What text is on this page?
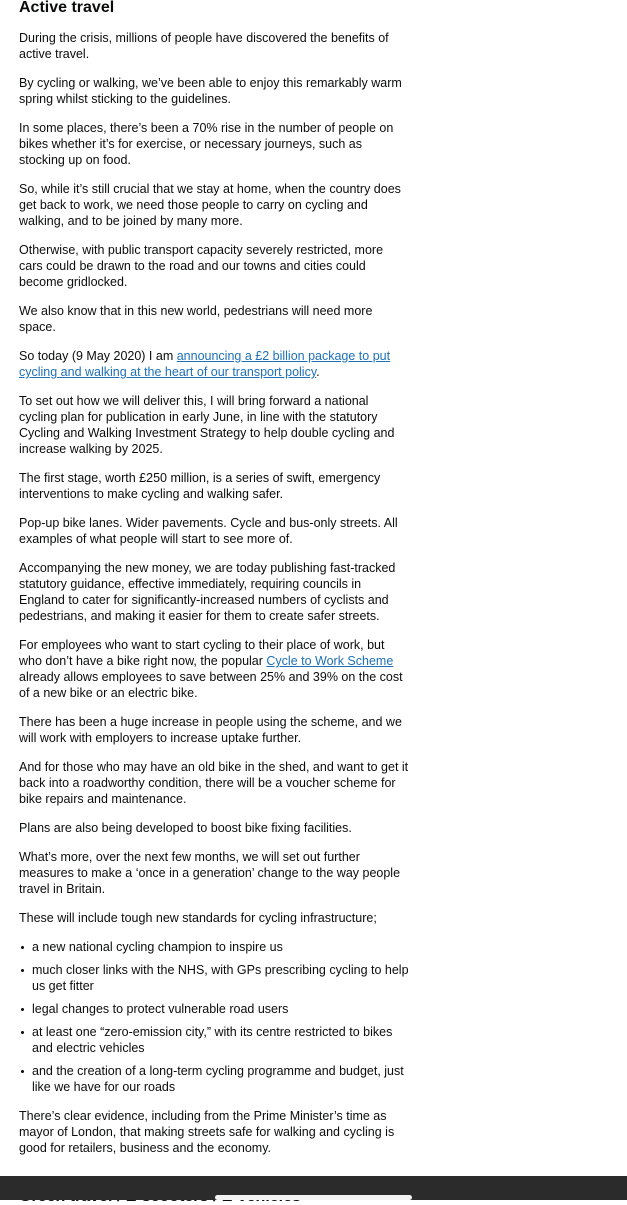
Active travel

During the crisis, millions of people have discovered the benefits of active travel.

By cycling or walking, we’ve been able to enjoy this remarkably warm spring whilst sticking to the guidelines.

In some places, there’s been a 70% rise in the number of people on bikes whether it’s for exercise, or necessary journeys, such as stocking up on food.

So, while it’s still crucial that we stay at home, when the country does get back to work, we need those people to carry on cycling and walking, and to be joined by many more.

Otherwise, with public transport capacity severely restricted, more cars could be drawn to the road and our towns and cities could become gridlocked.

We also know that in this new world, pedestrians will need more space.

So today (9 May 2020) I am announcing a £2 billion package to put cycling and walking at the heart of our transport policy.

To set out how we will deliver this, I will bring forward a national cycling plan for publication in early June, in line with the statutory Cycling and Walking Investment Strategy to help double cycling and increase walking by 2025.

The first stage, worth £250 million, is a series of swift, emergency interventions to make cycling and walking safer.

Pop-up bike lanes. Wider pavements. Cycle and bus-only streets. All examples of what people will start to see more of.

Accompanying the new money, we are today publishing fast-tracked statutory guidance, effective immediately, requiring councils in England to cater for significantly-increased numbers of cyclists and pedestrians, and making it easier for them to create safer streets.

For employees who want to start cycling to their place of work, but who don’t have a bike right now, the popular Cycle to Work Scheme already allows employees to save between 25% and 39% on the cost of a new bike or an electric bike.

There has been a huge increase in people using the scheme, and we will work with employers to increase uptake further.

And for those who may have an old bike in the shed, and want to get it back into a roadworthy condition, there will be a voucher scheme for bike repairs and maintenance.

Plans are also being developed to boost bike fixing facilities.

What’s more, over the next few months, we will set out further measures to make a ‘once in a generation’ change to the way people travel in Britain.

These will include tough new standards for cycling infrastructure;

a new national cycling champion to inspire us
much closer links with the NHS, with GPs prescribing cycling to help us get fitter
legal changes to protect vulnerable road users
at least one “zero-emission city,” with its centre restricted to bikes and electric vehicles
and the creation of a long-term cycling programme and budget, just like we have for our roads

There’s clear evidence, including from the Prime Minister’s time as mayor of London, that making streets safe for walking and cycling is good for retailers, business and the economy.
